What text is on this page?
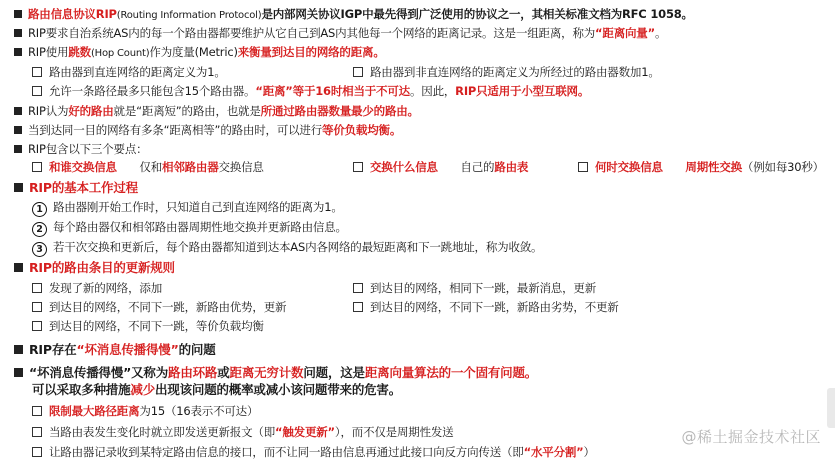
路由信息协议RIP(Routing Information Protocol)是内部网关协议IGP中最先得到广泛使用的协议之一，其相关标准文档为RFC 1058。
RIP要求自治系统AS内的每一个路由器都要维护从它自己到AS内其他每一个网络的距离记录。这是一组距离，称为“距离向量”。
RIP使用跳数(Hop Count)作为度量(Metric)来衡量到达目的网络的距离。
路由器到直连网络的距离定义为1。	路由器到非直连网络的距离定义为所经过的路由器数加1。
允许一条路径最多只能包含15个路由器。“距离”等于16时相当于不可达。因此，RIP只适用于小型互联网。
RIP认为好的路由就是“距离短”的路由，也就是所通过路由器数量最少的路由。
当到达同一目的网络有多条“距离相等”的路由时，可以进行等价负载均衡。
RIP包含以下三个要点：
和谁交换信息　　仅和相邻路由器交换信息	交换什么信息　　自己的路由表	何时交换信息　　 周期性交换（例如每30秒）
RIP的基本工作过程
1 路由器刚开始工作时，只知道自己到直连网络的距离为1。
2 每个路由器仅和相邻路由器周期性地交换并更新路由信息。
3 若干次交换和更新后，每个路由器都知道到达本AS内各网络的最短距离和下一跳地址，称为收敛。
RIP的路由条目的更新规则
发现了新的网络，添加	到达目的网络，相同下一跳，最新消息，更新
到达目的网络，不同下一跳，新路由优势，更新	到达目的网络，不同下一跳，新路由劣势，不更新
到达目的网络，不同下一跳，等价负载均衡
RIP存在“坏消息传播得慢”的问题
“坏消息传播得慢”又称为路由环路或距离无穷计数问题，这是距离向量算法的一个固有问题。
可以采取多种措施减少出现该问题的概率或减小该问题带来的危害。
限制最大路径距离为15（16表示不可达）
当路由表发生变化时就立即发送更新报文（即“触发更新”），而不仅是周期性发送
让路由器记录收到某特定路由信息的接口，而不让同一路由信息再通过此接口向反方向传送（即“水平分割”）
@稀土掘金技术社区
